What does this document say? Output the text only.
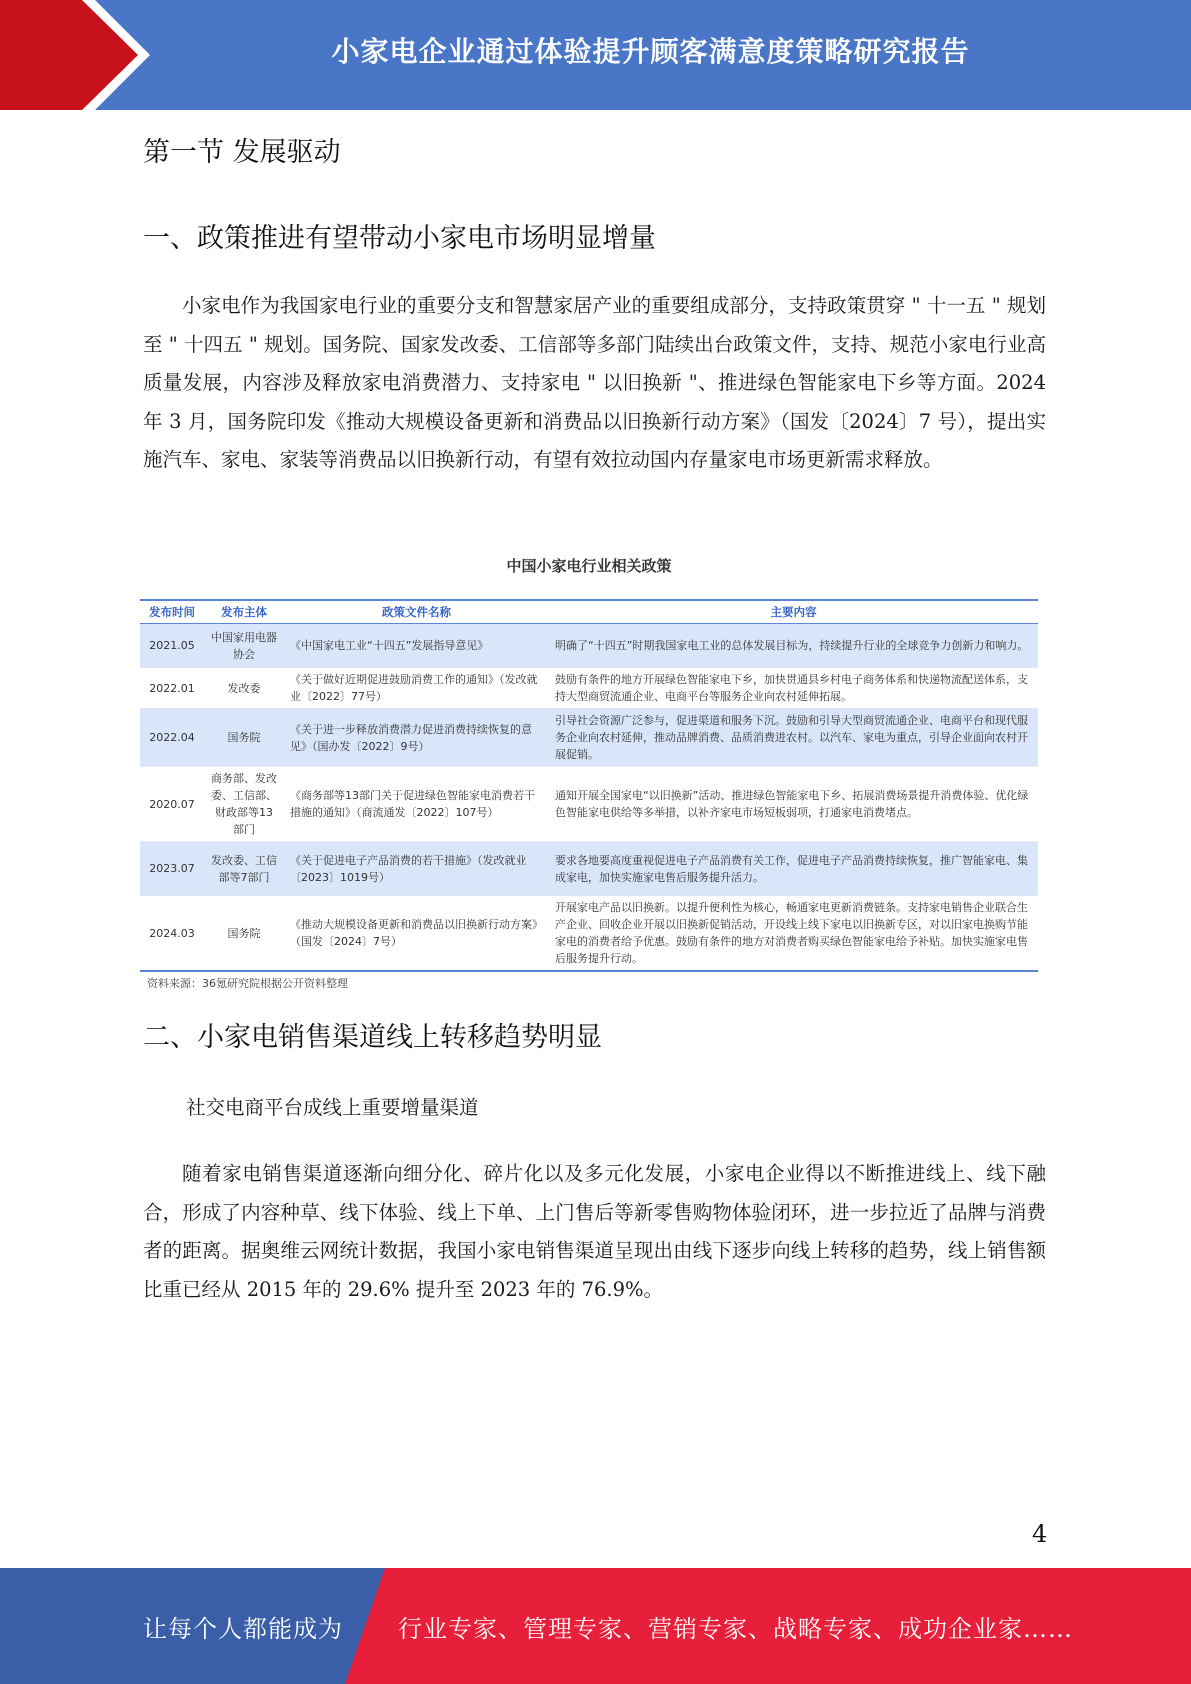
小家电企业通过体验提升顾客满意度策略研究报告
第一节 发展驱动
一、政策推进有望带动小家电市场明显增量

小家电作为我国家电行业的重要分支和智慧家居产业的重要组成部分，支持政策贯穿 " 十一五 " 规划至 " 十四五 " 规划。国务院、国家发改委、工信部等多部门陆续出台政策文件，支持、规范小家电行业高质量发展，内容涉及释放家电消费潜力、支持家电 " 以旧换新 "、推进绿色智能家电下乡等方面。2024 年 3 月，国务院印发《推动大规模设备更新和消费品以旧换新行动方案》（国发〔2024〕7 号），提出实施汽车、家电、家装等消费品以旧换新行动，有望有效拉动国内存量家电市场更新需求释放。

中国小家电行业相关政策
发布时间	发布主体	政策文件名称	主要内容
2021.05	中国家用电器协会	《中国家电工业“十四五”发展指导意见》	明确了“十四五”时期我国家电工业的总体发展目标为，持续提升行业的全球竞争力创新力和响力。
2022.01	发改委	《关于做好近期促进鼓励消费工作的通知》（发改就业〔2022〕77号）	鼓励有条件的地方开展绿色智能家电下乡，加快贯通县乡村电子商务体系和快递物流配送体系，支持大型商贸流通企业、电商平台等服务企业向农村延伸拓展。
2022.04	国务院	《关于进一步释放消费潜力促进消费持续恢复的意见》（国办发〔2022〕9号）	引导社会资源广泛参与，促进渠道和服务下沉。鼓励和引导大型商贸流通企业、电商平台和现代服务企业向农村延伸，推动品牌消费、品质消费进农村。以汽车、家电为重点，引导企业面向农村开展促销。
2020.07	商务部、发改委、工信部、财政部等13部门	《商务部等13部门关于促进绿色智能家电消费若干措施的通知》（商流通发〔2022〕107号）	通知开展全国家电“以旧换新”活动、推进绿色智能家电下乡、拓展消费场景提升消费体验、优化绿色智能家电供给等多举措，以补齐家电市场短板弱项，打通家电消费堵点。
2023.07	发改委、工信部等7部门	《关于促进电子产品消费的若干措施》（发改就业〔2023〕1019号）	要求各地要高度重视促进电子产品消费有关工作，促进电子产品消费持续恢复，推广智能家电、集成家电，加快实施家电售后服务提升活力。
2024.03	国务院	《推动大规模设备更新和消费品以旧换新行动方案》（国发〔2024〕7号）	开展家电产品以旧换新。以提升便利性为核心，畅通家电更新消费链条。支持家电销售企业联合生产企业、回收企业开展以旧换新促销活动，开设线上线下家电以旧换新专区，对以旧家电换购节能家电的消费者给予优惠。鼓励有条件的地方对消费者购买绿色智能家电给予补贴。加快实施家电售后服务提升行动。
资料来源：36氪研究院根据公开资料整理
二、小家电销售渠道线上转移趋势明显
社交电商平台成线上重要增量渠道

随着家电销售渠道逐渐向细分化、碎片化以及多元化发展，小家电企业得以不断推进线上、线下融合，形成了内容种草、线下体验、线上下单、上门售后等新零售购物体验闭环，进一步拉近了品牌与消费者的距离。据奥维云网统计数据，我国小家电销售渠道呈现出由线下逐步向线上转移的趋势，线上销售额比重已经从 2015 年的 29.6% 提升至 2023 年的 76.9%。

4
让每个人都能成为 行业专家、管理专家、营销专家、战略专家、成功企业家……
